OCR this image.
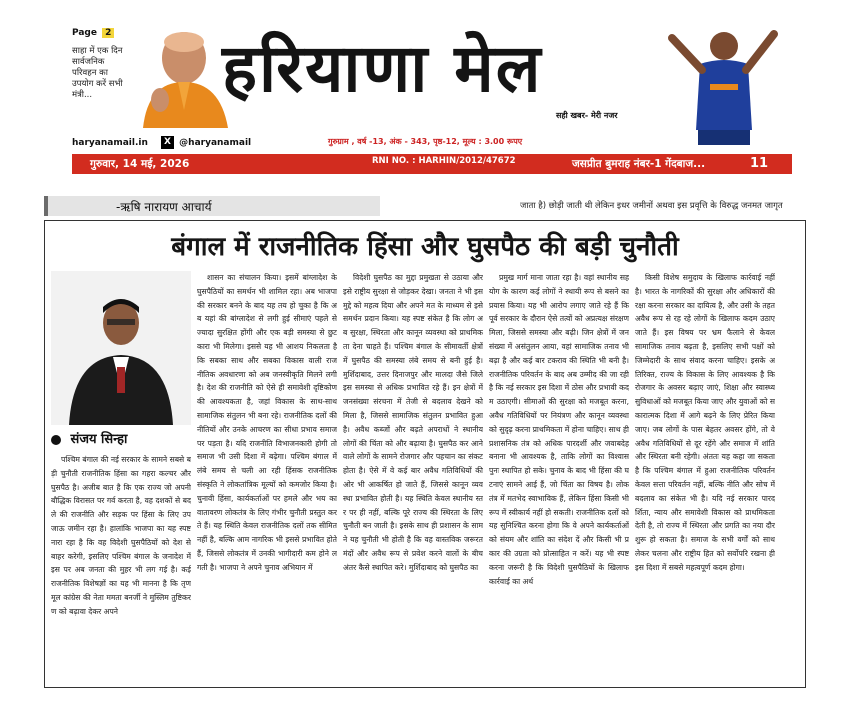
Page 2
साहा में एक दिन सार्वजनिक परिवहन का उपयोग करें सभी मंत्री...	हरियाणा मेल
सही खबर- मेरी नजर
haryanamail.in X @haryanamail	गुरुग्राम , वर्ष -13, अंक - 343, पृष्ठ-12, मूल्य : 3.00 रूपए
गुरुवार, 14 मई, 2026	जसप्रीत बुमराह नंबर-1 गेंदबाज...	11 Page
RNI NO. : HARHIN/2012/47672
-ऋषि नारायण आचार्य	जाता है) छोड़ी जाती थी लेकिन इधर जमीनों अथवा इस प्रवृत्ति के विरुद्ध जनमत जागृत
बंगाल में राजनीतिक हिंसा और घुसपैठ की बड़ी चुनौती
संजय सिन्हा

पश्चिम बंगाल की नई सरकार के सामने सबसे बड़ी चुनौती राजनीतिक हिंसा का गहरा कल्चर और घुसपैठ है। अजीब बात है कि एक राज्य जो अपनी बौद्धिक विरासत पर गर्व करता है, वह दशकों से बदले की राजनीति और सड़क पर हिंसा के लिए उपजाऊ जमीन रहा है। हालांकि भाजपा का यह स्पष्ट नारा रहा है कि वह विदेशी घुसपैठियों को देश से बाहर करेगी, इसलिए पश्चिम बंगाल के जनादेश में इस पर अब जनता की मुहर भी लग गई है। कई राजनीतिक विशेषज्ञों का यह भी मानना है कि तृणमूल कांग्रेस की नेता ममता बनर्जी ने मुस्लिम तुष्टिकरण को बढ़ावा देकर अपने

शासन का संचालन किया। इसमें बांग्लादेश के घुसपैठियों का समर्थन भी शामिल रहा। अब भाजपा की सरकार बनने के बाद यह तय हो चुका है कि अब यहां की बांग्लादेश से लगी हुई सीमाएं पहले से ज्यादा सुरक्षित होंगी और एक बड़ी समस्या से छुटकारा भी मिलेगा। इससे यह भी आशय निकलता है कि सबका साथ और सबका विकास वाली राजनीतिक अवधारणा को अब जनस्वीकृति मिलने लगी है। देश की राजनीति को ऐसे ही समावेशी दृष्टिकोण की आवश्यकता है, जहां विकास के साथ-साथ सामाजिक संतुलन भी बना रहे। राजनीतिक दलों की नीतियों और उनके आचरण का सीधा प्रभाव समाज पर पड़ता है। यदि राजनीति विभाजनकारी होगी तो समाज भी उसी दिशा में बढ़ेगा। पश्चिम बंगाल में लंबे समय से चली आ रही हिंसक राजनीतिक संस्कृति ने लोकतांत्रिक मूल्यों को कमजोर किया है। चुनावी हिंसा, कार्यकर्ताओं पर हमले और भय का वातावरण लोकतंत्र के लिए गंभीर चुनौती प्रस्तुत करते हैं। यह स्थिति केवल राजनीतिक दलों तक सीमित नहीं है, बल्कि आम नागरिक भी इससे प्रभावित होते हैं, जिससे लोकतंत्र में उनकी भागीदारी कम होने लगती है। भाजपा ने अपने चुनाव अभियान में

विदेशी घुसपैठ का मुद्दा प्रमुखता से उठाया और इसे राष्ट्रीय सुरक्षा से जोड़कर देखा। जनता ने भी इस मुद्दे को महत्व दिया और अपने मत के माध्यम से इसे समर्थन प्रदान किया। यह स्पष्ट संकेत है कि लोग अब सुरक्षा, स्थिरता और कानून व्यवस्था को प्राथमिकता देना चाहते हैं। पश्चिम बंगाल के सीमावर्ती क्षेत्रों में घुसपैठ की समस्या लंबे समय से बनी हुई है। मुर्शिदाबाद, उत्तर दिनाजपुर और मालदा जैसे जिले इस समस्या से अधिक प्रभावित रहे हैं। इन क्षेत्रों में जनसंख्या संरचना में तेजी से बदलाव देखने को मिला है, जिससे सामाजिक संतुलन प्रभावित हुआ है। अवैध कब्जों और बढ़ते अपराधों ने स्थानीय लोगों की चिंता को और बढ़ाया है। घुसपैठ कर आने वाले लोगों के सामने रोजगार और पहचान का संकट होता है। ऐसे में वे कई बार अवैध गतिविधियों की ओर भी आकर्षित हो जाते हैं, जिससे कानून व्यवस्था प्रभावित होती है। यह स्थिति केवल स्थानीय स्तर पर ही नहीं, बल्कि पूरे राज्य की स्थिरता के लिए चुनौती बन जाती है। इसके साथ ही प्रशासन के सामने यह चुनौती भी होती है कि वह वास्तविक जरूरतमंदों और अवैध रूप से प्रवेश करने वालों के बीच अंतर कैसे स्थापित करे। मुर्शिदाबाद को घुसपैठ का

प्रमुख मार्ग माना जाता रहा है। वहां स्थानीय सहयोग के कारण कई लोगों ने स्थायी रूप से बसने का प्रयास किया। यह भी आरोप लगाए जाते रहे हैं कि पूर्व सरकार के दौरान ऐसे तत्वों को अप्रत्यक्ष संरक्षण मिला, जिससे समस्या और बढ़ी। जिन क्षेत्रों में जनसंख्या में असंतुलन आया, वहां सामाजिक तनाव भी बढ़ा है और कई बार टकराव की स्थिति भी बनी है। राजनीतिक परिवर्तन के बाद अब उम्मीद की जा रही है कि नई सरकार इस दिशा में ठोस और प्रभावी कदम उठाएगी। सीमाओं की सुरक्षा को मजबूत करना, अवैध गतिविधियों पर नियंत्रण और कानून व्यवस्था को सुदृढ़ करना प्राथमिकता में होना चाहिए। साथ ही प्रशासनिक तंत्र को अधिक पारदर्शी और जवाबदेह बनाना भी आवश्यक है, ताकि लोगों का विश्वास पुनः स्थापित हो सके। चुनाव के बाद भी हिंसा की घटनाएं सामने आई हैं, जो चिंता का विषय है। लोकतंत्र में मतभेद स्वाभाविक हैं, लेकिन हिंसा किसी भी रूप में स्वीकार्य नहीं हो सकती। राजनीतिक दलों को यह सुनिश्चित करना होगा कि वे अपने कार्यकर्ताओं को संयम और शांति का संदेश दें और किसी भी प्रकार की उग्रता को प्रोत्साहित न करें। यह भी स्पष्ट करना जरूरी है कि विदेशी घुसपैठियों के खिलाफ कार्रवाई का अर्थ

किसी विशेष समुदाय के खिलाफ कार्रवाई नहीं है। भारत के नागरिकों की सुरक्षा और अधिकारों की रक्षा करना सरकार का दायित्व है, और उसी के तहत अवैध रूप से रह रहे लोगों के खिलाफ कदम उठाए जाते हैं। इस विषय पर भ्रम फैलाने से केवल सामाजिक तनाव बढ़ता है, इसलिए सभी पक्षों को जिम्मेदारी के साथ संवाद करना चाहिए। इसके अतिरिक्त, राज्य के विकास के लिए आवश्यक है कि रोजगार के अवसर बढ़ाए जाएं, शिक्षा और स्वास्थ्य सुविधाओं को मजबूत किया जाए और युवाओं को सकारात्मक दिशा में आगे बढ़ने के लिए प्रेरित किया जाए। जब लोगों के पास बेहतर अवसर होंगे, तो वे अवैध गतिविधियों से दूर रहेंगे और समाज में शांति और स्थिरता बनी रहेगी। अंततः यह कहा जा सकता है कि पश्चिम बंगाल में हुआ राजनीतिक परिवर्तन केवल सत्ता परिवर्तन नहीं, बल्कि नीति और सोच में बदलाव का संकेत भी है। यदि नई सरकार पारदर्शिता, न्याय और समावेशी विकास को प्राथमिकता देती है, तो राज्य में स्थिरता और प्रगति का नया दौर शुरू हो सकता है। समाज के सभी वर्गों को साथ लेकर चलना और राष्ट्रीय हित को सर्वोपरि रखना ही इस दिशा में सबसे महत्वपूर्ण कदम होगा।
